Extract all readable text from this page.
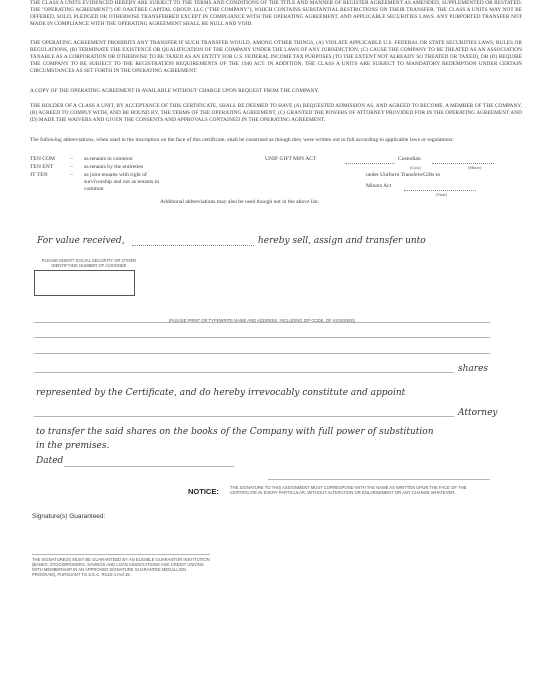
THE CLASS A UNITS EVIDENCED HEREBY ARE SUBJECT TO THE TERMS AND CONDITIONS OF THE TITLE AND MANNER OF REGISTER AGREEMENT AS AMENDED, SUPPLEMENTED OR RESTATED, THE "OPERATING AGREEMENT") OF OAKTREE CAPITAL GROUP, LLC ("THE COMPANY"), WHICH CONTAINS SUBSTANTIAL RESTRICTIONS ON THEIR TRANSFER. THE CLASS A UNITS MAY NOT BE OFFERED, SOLD, PLEDGED OR OTHERWISE TRANSFERRED EXCEPT IN COMPLIANCE WITH THE OPERATING AGREEMENT, AND APPLICABLE SECURITIES LAWS. ANY PURPORTED TRANSFER NOT MADE IN COMPLIANCE WITH THE OPERATING AGREEMENT SHALL BE NULL AND VOID.
THE OPERATING AGREEMENT PROHIBITS ANY TRANSFER IF SUCH TRANSFER WOULD, AMONG OTHER THINGS, (A) VIOLATE APPLICABLE U.S. FEDERAL OR STATE SECURITIES LAWS, RULES OR REGULATIONS, (B) TERMINATE THE EXISTENCE OR QUALIFICATION OF THE COMPANY UNDER THE LAWS OF ANY JURISDICTION, (C) CAUSE THE COMPANY TO BE TREATED AS AN ASSOCIATION TAXABLE AS A CORPORATION OR OTHERWISE TO BE TAXED AS AN ENTITY FOR U.S. FEDERAL INCOME TAX PURPOSES (TO THE EXTENT NOT ALREADY SO TREATED OR TAXED), OR (D) REQUIRE THE COMPANY TO BE SUBJECT TO THE REGISTRATION REQUIREMENTS OF THE 1940 ACT. IN ADDITION, THE CLASS A UNITS ARE SUBJECT TO MANDATORY REDEMPTION UNDER CERTAIN CIRCUMSTANCES AS SET FORTH IN THE OPERATING AGREEMENT.
A COPY OF THE OPERATING AGREEMENT IS AVAILABLE WITHOUT CHARGE UPON REQUEST FROM THE COMPANY.
THE HOLDER OF A CLASS A UNIT, BY ACCEPTANCE OF THIS CERTIFICATE, SHALL BE DEEMED TO HAVE (A) REQUESTED ADMISSION AS, AND AGREED TO BECOME, A MEMBER OF THE COMPANY, (B) AGREED TO COMPLY WITH, AND BE BOUND BY, THE TERMS OF THE OPERATING AGREEMENT, (C) GRANTED THE POWERS OF ATTORNEY PROVIDED FOR IN THE OPERATING AGREEMENT AND (D) MADE THE WAIVERS AND GIVEN THE CONSENTS AND APPROVALS CONTAINED IN THE OPERATING AGREEMENT.
The following abbreviations, when used in the inscription on the face of this certificate, shall be construed as though they were written out in full according to applicable laws or regulations:
TEN COM	– as tenants in common
TEN ENT	– as tenants by the entireties
JT TEN	– as joint tenants with right of survivorship and not as tenants in common
UNIF GIFT MIN ACT	Custodian
(Cust)	(Minor)
under Uniform Transfers/Gifts to
Minors Act
(State)
Additional abbreviations may also be used though not in the above list.
For value received,	hereby sell, assign and transfer unto
PLEASE INSERT SOCIAL SECURITY OR OTHER IDENTIFYING NUMBER OF ASSIGNEE
(PLEASE PRINT OR TYPEWRITE NAME AND ADDRESS, INCLUDING ZIP CODE, OF ASSIGNEE)
shares
represented by the Certificate, and do hereby irrevocably constitute and appoint
Attorney
to transfer the said shares on the books of the Company with full power of substitution
in the premises.
Dated
NOTICE:	THE SIGNATURE TO THIS ASSIGNMENT MUST CORRESPOND WITH THE NAME AS WRITTEN UPON THE FACE OF THE CERTIFICATE IN EVERY PARTICULAR, WITHOUT ALTERATION OR ENLARGEMENT OR ANY CHANGE WHATEVER.
Signature(s) Guaranteed:
THE SIGNATURE(S) MUST BE GUARANTEED BY AN ELIGIBLE GUARANTOR INSTITUTION (BANKS, STOCKBROKERS, SAVINGS AND LOAN ASSOCIATIONS AND CREDIT UNIONS WITH MEMBERSHIP IN AN APPROVED SIGNATURE GUARANTEE MEDALLION PROGRAM), PURSUANT TO S.E.C. RULE 17Ad-15.
